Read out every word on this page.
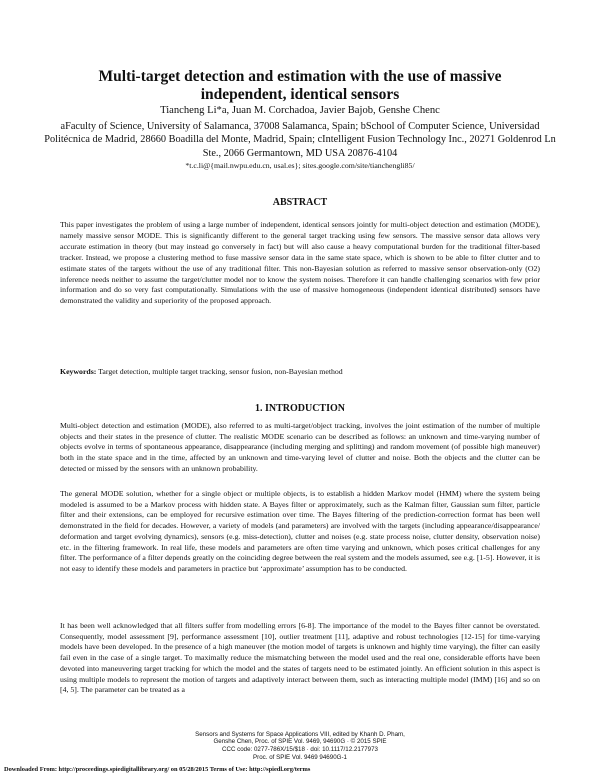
Multi-target detection and estimation with the use of massive
independent, identical sensors
Tiancheng Li*a, Juan M. Corchadoa, Javier Bajob, Genshe Chenc
aFaculty of Science, University of Salamanca, 37008 Salamanca, Spain; bSchool of Computer Science, Universidad Politécnica de Madrid, 28660 Boadilla del Monte, Madrid, Spain; cIntelligent Fusion Technology Inc., 20271 Goldenrod Ln Ste., 2066 Germantown, MD USA 20876-4104
*t.c.li@{mail.nwpu.edu.cn, usal.es}; sites.google.com/site/tianchengli85/
ABSTRACT
This paper investigates the problem of using a large number of independent, identical sensors jointly for multi-object detection and estimation (MODE), namely massive sensor MODE. This is significantly different to the general target tracking using few sensors. The massive sensor data allows very accurate estimation in theory (but may instead go conversely in fact) but will also cause a heavy computational burden for the traditional filter-based tracker. Instead, we propose a clustering method to fuse massive sensor data in the same state space, which is shown to be able to filter clutter and to estimate states of the targets without the use of any traditional filter. This non-Bayesian solution as referred to massive sensor observation-only (O2) inference needs neither to assume the target/clutter model nor to know the system noises. Therefore it can handle challenging scenarios with few prior information and do so very fast computationally. Simulations with the use of massive homogeneous (independent identical distributed) sensors have demonstrated the validity and superiority of the proposed approach.
Keywords: Target detection, multiple target tracking, sensor fusion, non-Bayesian method
1. INTRODUCTION
Multi-object detection and estimation (MODE), also referred to as multi-target/object tracking, involves the joint estimation of the number of multiple objects and their states in the presence of clutter. The realistic MODE scenario can be described as follows: an unknown and time-varying number of objects evolve in terms of spontaneous appearance, disappearance (including merging and splitting) and random movement (of possible high maneuver) both in the state space and in the time, affected by an unknown and time-varying level of clutter and noise. Both the objects and the clutter can be detected or missed by the sensors with an unknown probability.
The general MODE solution, whether for a single object or multiple objects, is to establish a hidden Markov model (HMM) where the system being modeled is assumed to be a Markov process with hidden state. A Bayes filter or approximately, such as the Kalman filter, Gaussian sum filter, particle filter and their extensions, can be employed for recursive estimation over time. The Bayes filtering of the prediction-correction format has been well demonstrated in the field for decades. However, a variety of models (and parameters) are involved with the targets (including appearance/disappearance/ deformation and target evolving dynamics), sensors (e.g. miss-detection), clutter and noises (e.g. state process noise, clutter density, observation noise) etc. in the filtering framework. In real life, these models and parameters are often time varying and unknown, which poses critical challenges for any filter. The performance of a filter depends greatly on the coinciding degree between the real system and the models assumed, see e.g. [1-5]. However, it is not easy to identify these models and parameters in practice but ‘approximate’ assumption has to be conducted.
It has been well acknowledged that all filters suffer from modelling errors [6-8]. The importance of the model to the Bayes filter cannot be overstated. Consequently, model assessment [9], performance assessment [10], outlier treatment [11], adaptive and robust technologies [12-15] for time-varying models have been developed. In the presence of a high maneuver (the motion model of targets is unknown and highly time varying), the filter can easily fail even in the case of a single target. To maximally reduce the mismatching between the model used and the real one, considerable efforts have been devoted into maneuvering target tracking for which the model and the states of targets need to be estimated jointly. An efficient solution in this aspect is using multiple models to represent the motion of targets and adaptively interact between them, such as interacting multiple model (IMM) [16] and so on [4, 5]. The parameter can be treated as a
Sensors and Systems for Space Applications VIII, edited by Khanh D. Pham,
Genshe Chen, Proc. of SPIE Vol. 9469, 94690G · © 2015 SPIE
CCC code: 0277-786X/15/$18 · doi: 10.1117/12.2177973
Proc. of SPIE Vol. 9469 94690G-1
Downloaded From: http://proceedings.spiedigitallibrary.org/ on 05/28/2015 Terms of Use: http://spiedl.org/terms
